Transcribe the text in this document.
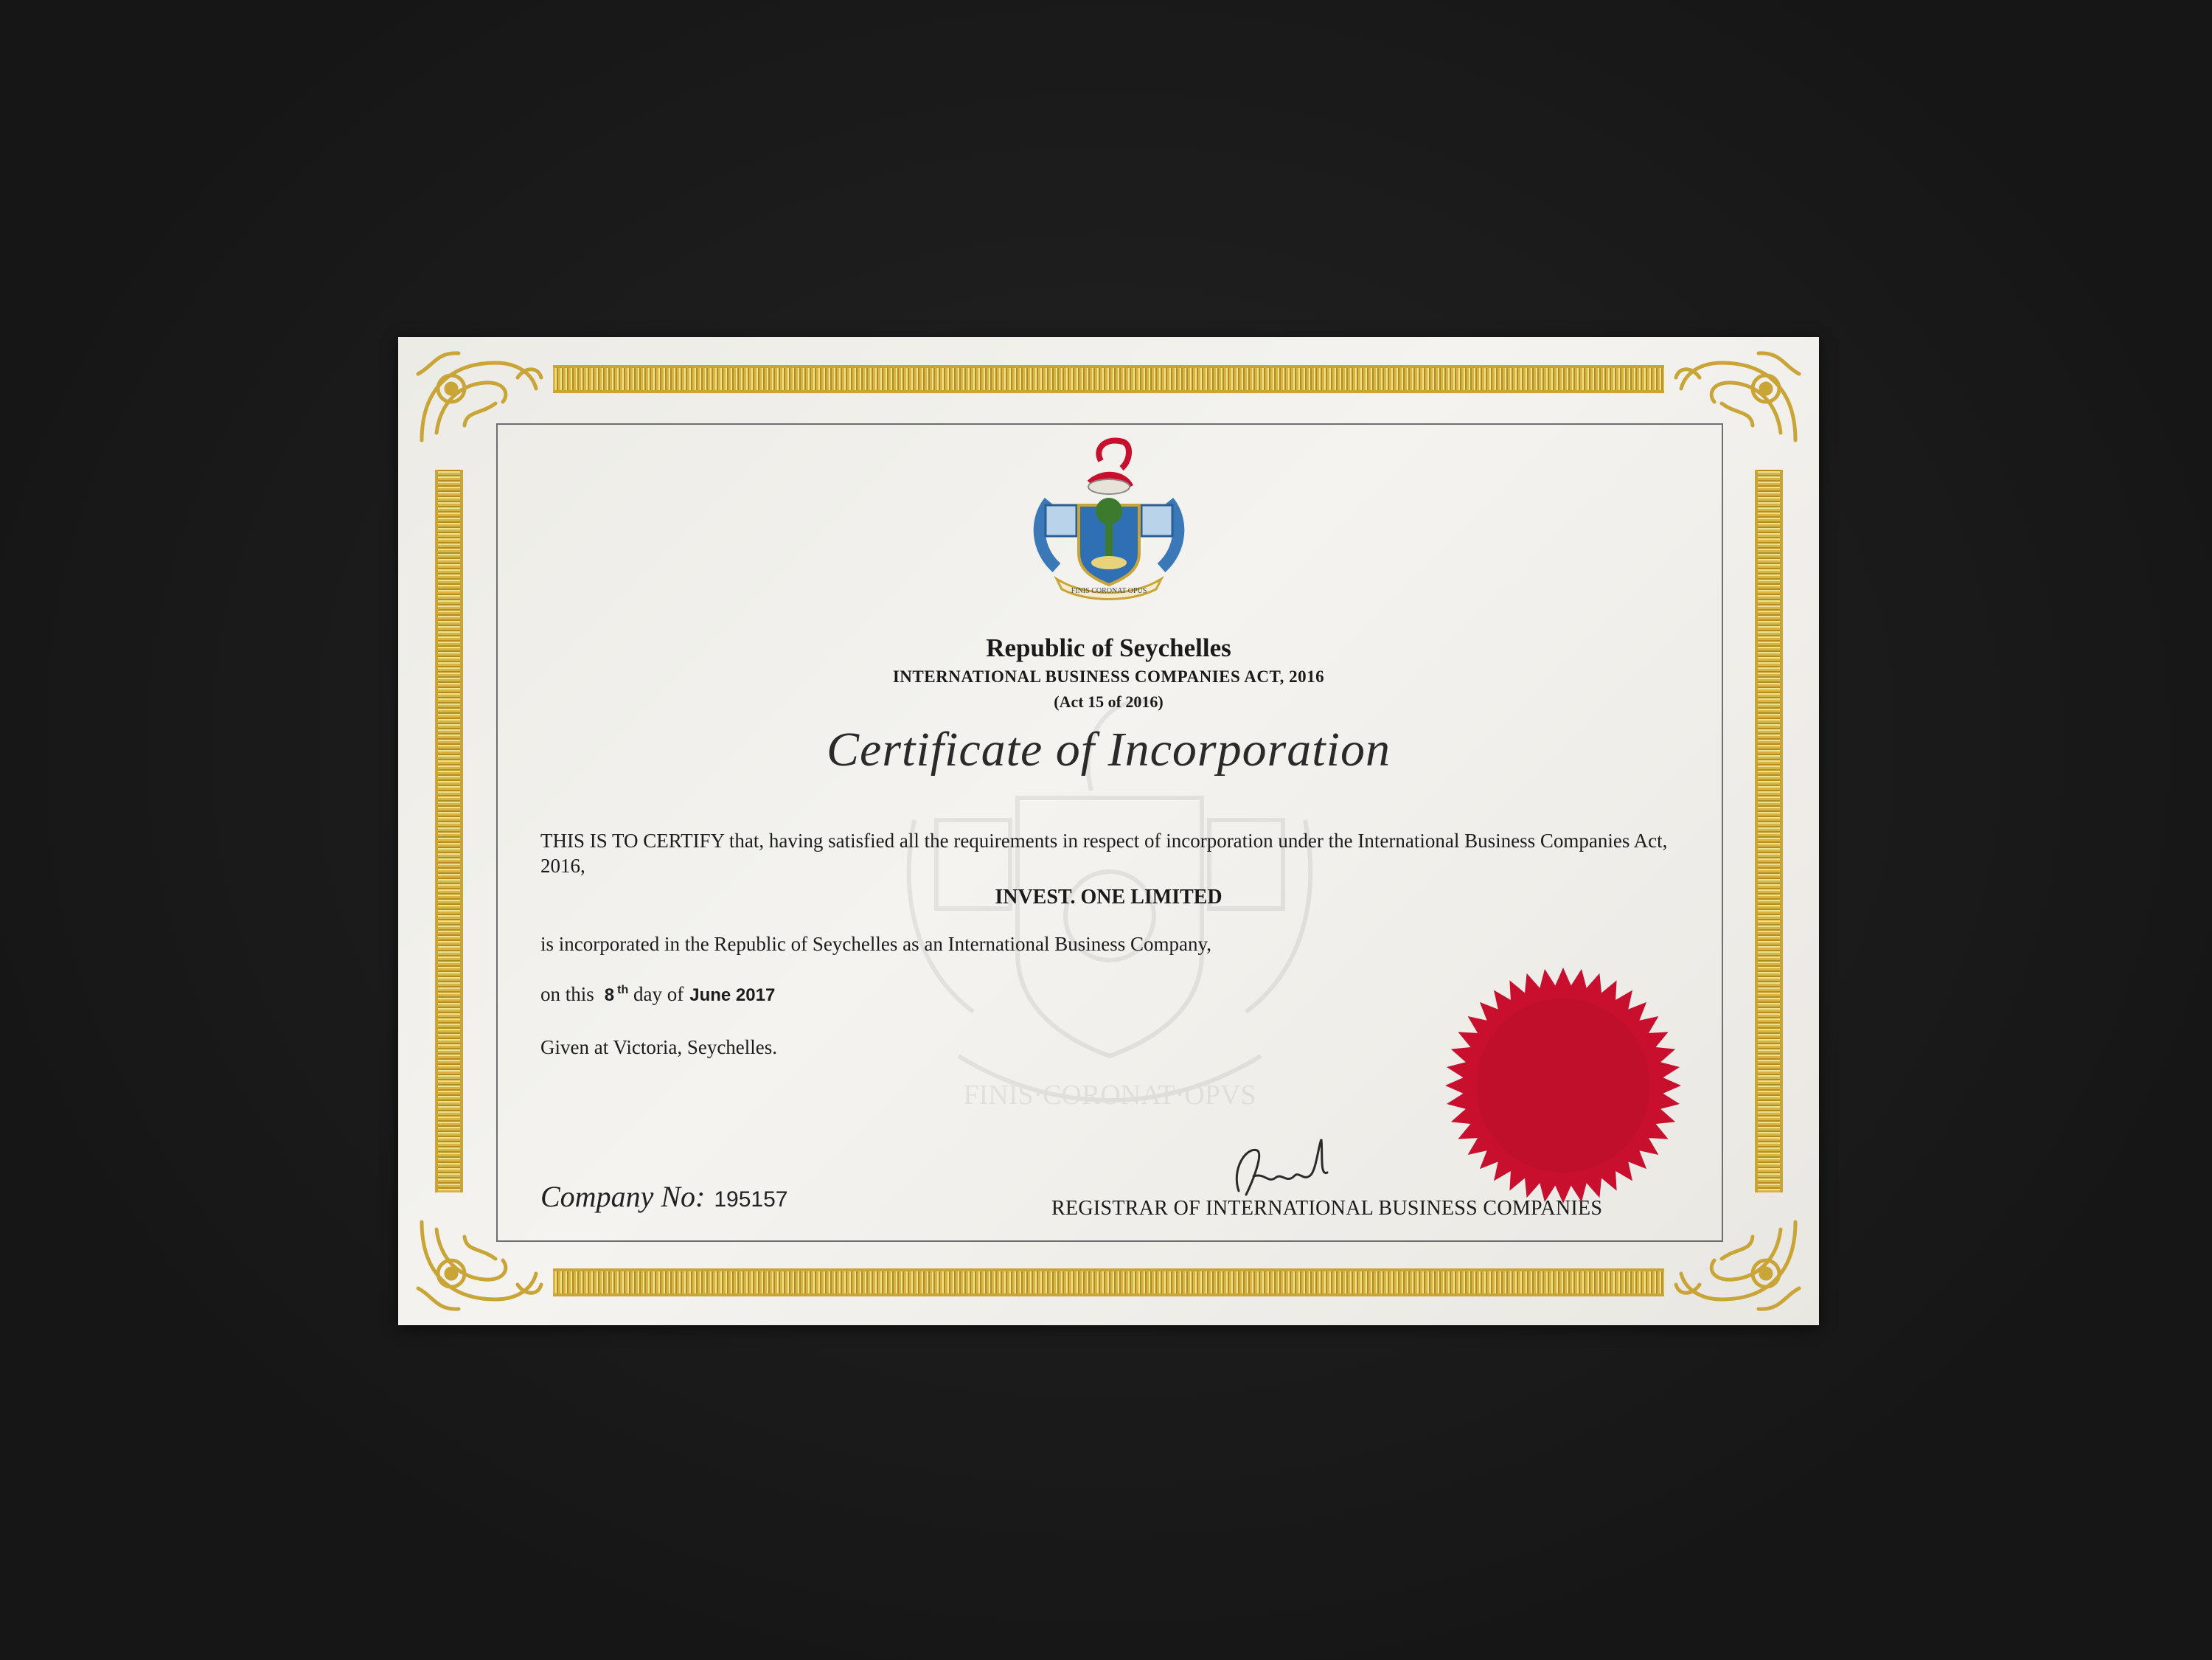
FINIS·CORONAT·OPVS
FINIS CORONAT OPUS
Republic of Seychelles
INTERNATIONAL BUSINESS COMPANIES ACT, 2016
(Act 15 of 2016)
Certificate of Incorporation
THIS IS TO CERTIFY that, having satisfied all the requirements in respect of incorporation under the International Business Companies Act, 2016,
INVEST. ONE LIMITED
is incorporated in the Republic of Seychelles as an International Business Company,
on this 8 $^{th}$ day of June 2017
Given at Victoria, Seychelles.
Company No: 195157	REGISTRAR OF INTERNATIONAL BUSINESS COMPANIES
